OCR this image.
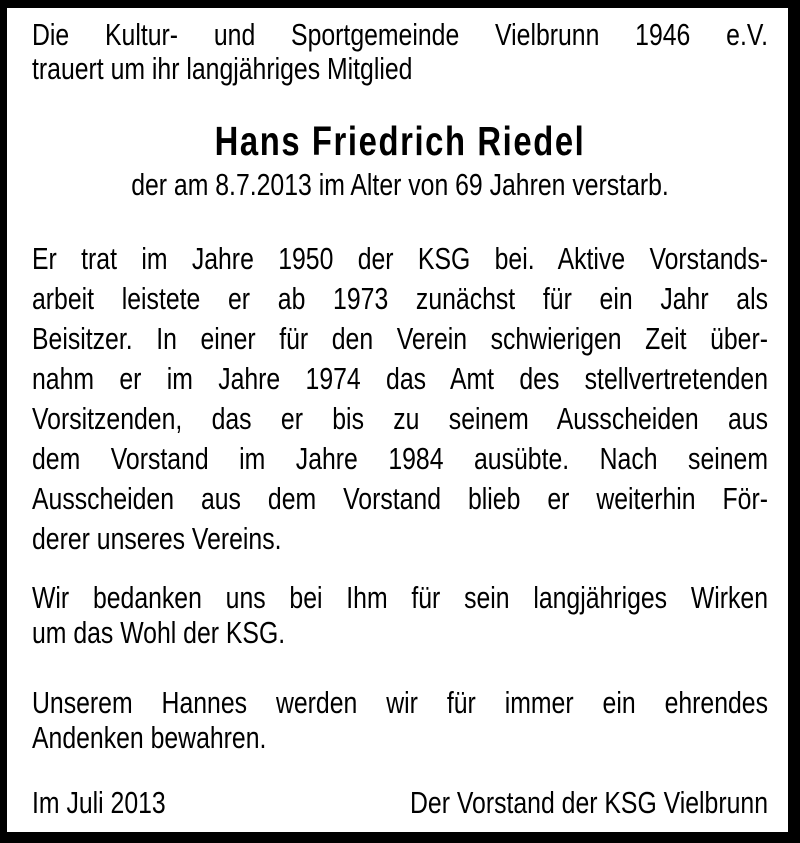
Die Kultur- und Sportgemeinde Vielbrunn 1946 e.V.
trauert um ihr langjähriges Mitglied
Hans Friedrich Riedel
der am 8.7.2013 im Alter von 69 Jahren verstarb.
Er trat im Jahre 1950 der KSG bei. Aktive Vorstands-
arbeit leistete er ab 1973 zunächst für ein Jahr als
Beisitzer. In einer für den Verein schwierigen Zeit über-
nahm er im Jahre 1974 das Amt des stellvertretenden
Vorsitzenden, das er bis zu seinem Ausscheiden aus
dem Vorstand im Jahre 1984 ausübte. Nach seinem
Ausscheiden aus dem Vorstand blieb er weiterhin För-
derer unseres Vereins.
Wir bedanken uns bei Ihm für sein langjähriges Wirken
um das Wohl der KSG.
Unserem Hannes werden wir für immer ein ehrendes
Andenken bewahren.
Im Juli 2013	Der Vorstand der KSG Vielbrunn
